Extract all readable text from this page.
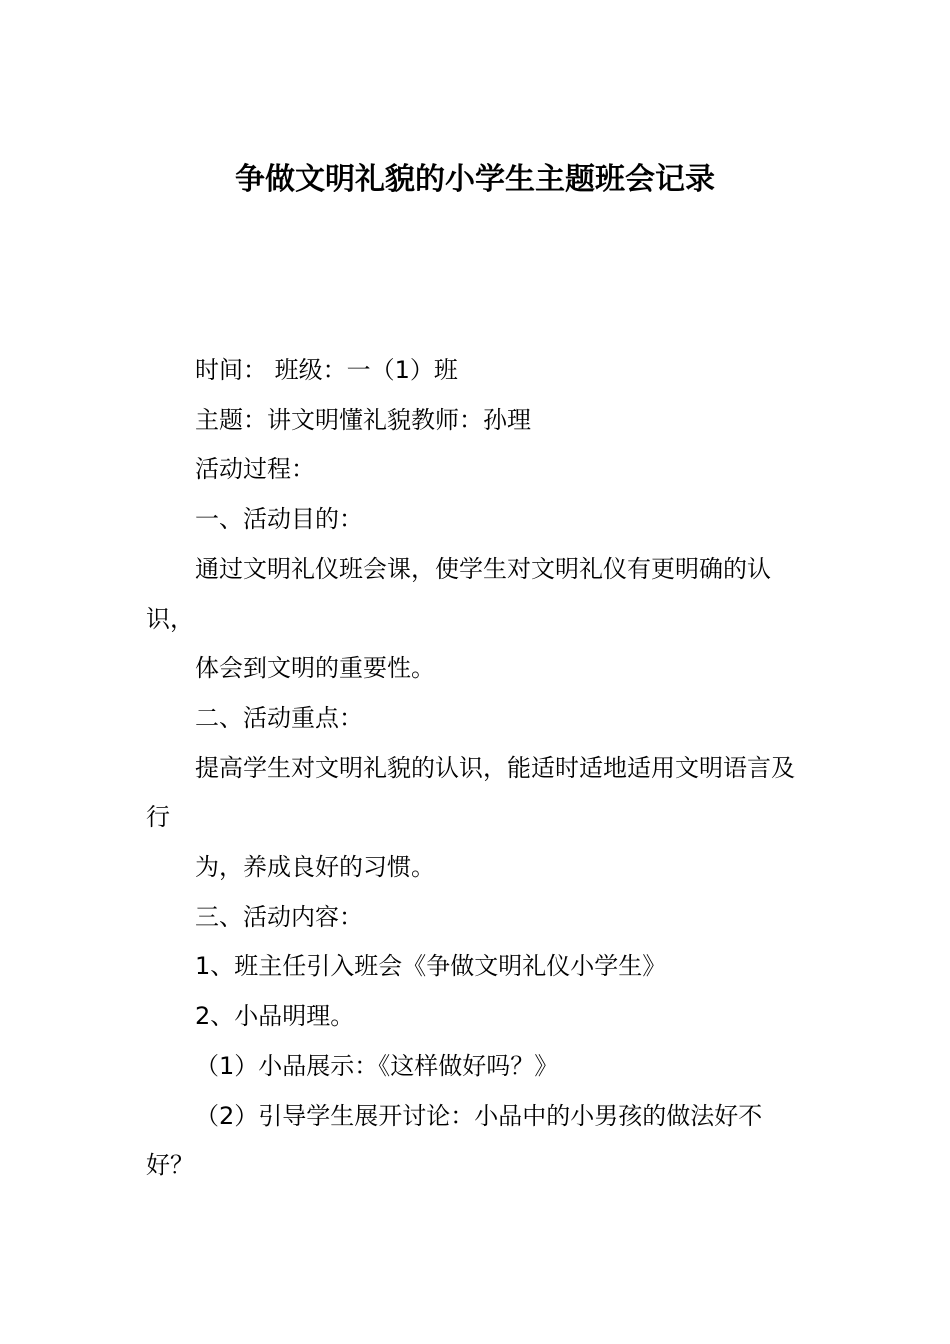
争做文明礼貌的小学生主题班会记录

时间： 班级：一（1）班

主题：讲文明懂礼貌教师：孙理

活动过程：

一、活动目的：

通过文明礼仪班会课，使学生对文明礼仪有更明确的认识，

体会到文明的重要性。

二、活动重点：

提高学生对文明礼貌的认识，能适时适地适用文明语言及行

为，养成良好的习惯。

三、活动内容：

1、班主任引入班会《争做文明礼仪小学生》

2、小品明理。

（1）小品展示：《这样做好吗？》

（2）引导学生展开讨论：小品中的小男孩的做法好不好？
